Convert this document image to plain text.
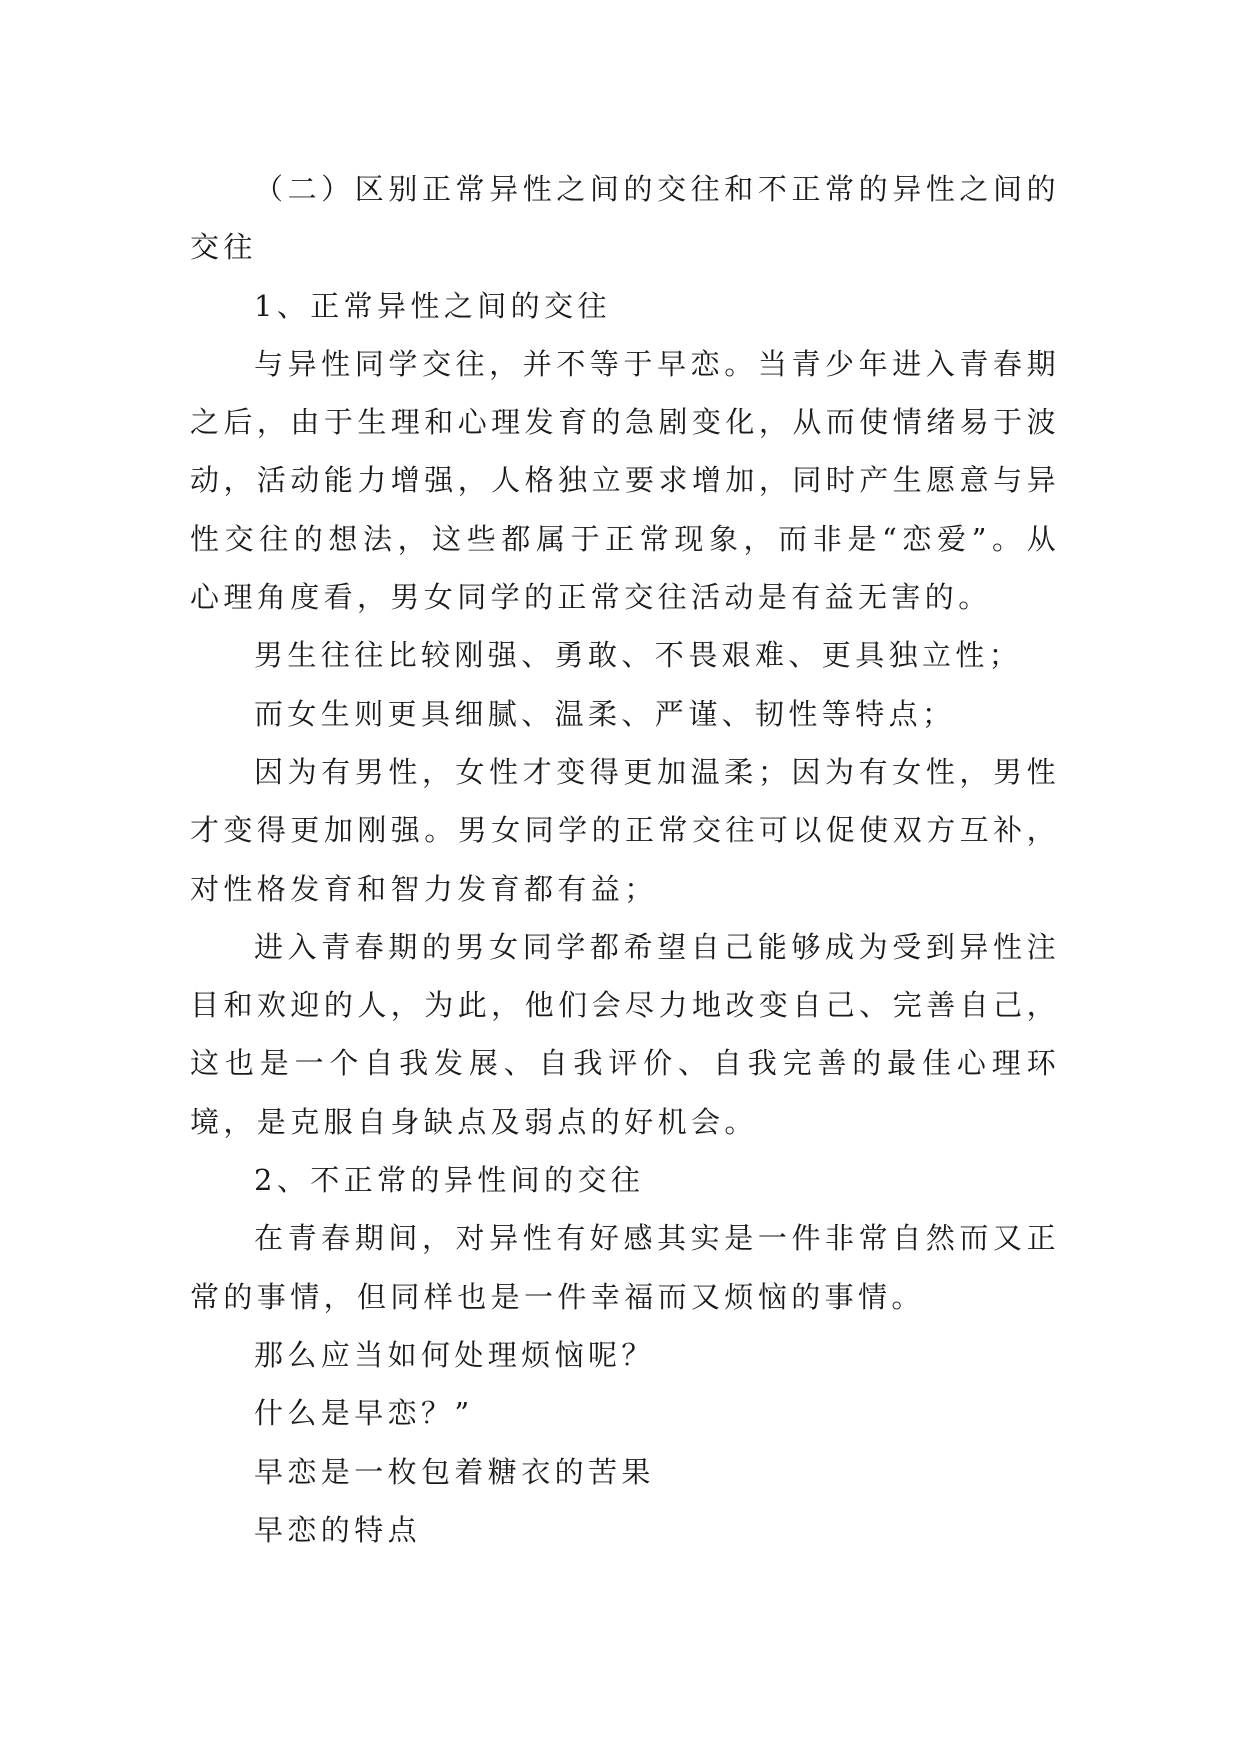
（二）区别正常异性之间的交往和不正常的异性之间的交往

1、正常异性之间的交往

与异性同学交往，并不等于早恋。当青少年进入青春期之后，由于生理和心理发育的急剧变化，从而使情绪易于波动，活动能力增强，人格独立要求增加，同时产生愿意与异性交往的想法，这些都属于正常现象，而非是“恋爱”。从心理角度看，男女同学的正常交往活动是有益无害的。

男生往往比较刚强、勇敢、不畏艰难、更具独立性；

而女生则更具细腻、温柔、严谨、韧性等特点；

因为有男性，女性才变得更加温柔；因为有女性，男性才变得更加刚强。男女同学的正常交往可以促使双方互补，对性格发育和智力发育都有益；

进入青春期的男女同学都希望自己能够成为受到异性注目和欢迎的人，为此，他们会尽力地改变自己、完善自己，这也是一个自我发展、自我评价、自我完善的最佳心理环境，是克服自身缺点及弱点的好机会。

2、不正常的异性间的交往

在青春期间，对异性有好感其实是一件非常自然而又正常的事情，但同样也是一件幸福而又烦恼的事情。

那么应当如何处理烦恼呢？

什么是早恋？”

早恋是一枚包着糖衣的苦果

早恋的特点
